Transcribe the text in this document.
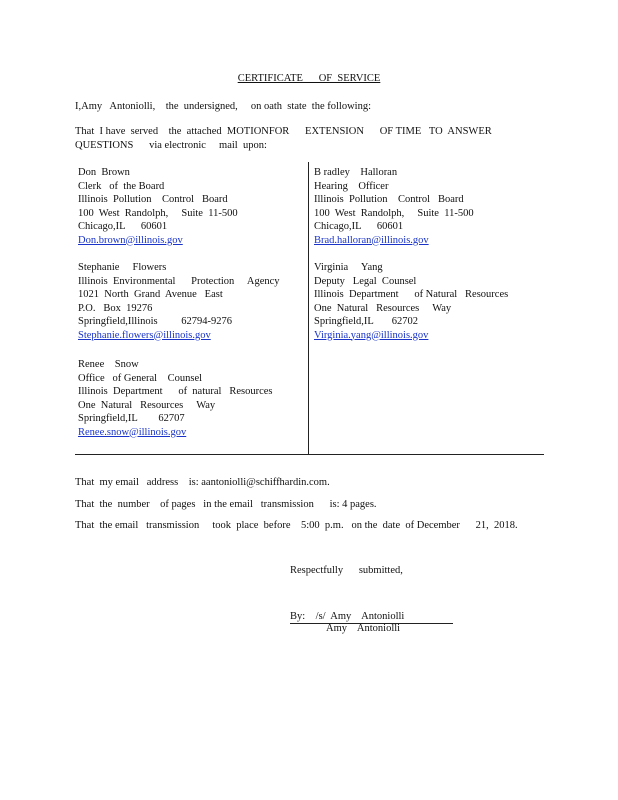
CERTIFICATE      OF  SERVICE
I,Amy   Antoniolli,    the  undersigned,     on oath  state  the following:
That  I have  served    the  attached  MOTIONFOR      EXTENSION      OF TIME   TO  ANSWER
QUESTIONS      via electronic     mail  upon:
Don  Brown
Clerk   of  the Board
Illinois  Pollution    Control   Board
100  West  Randolph,     Suite  11-500
Chicago,IL      60601
Don.brown@illinois.gov
Stephanie     Flowers
Illinois  Environmental      Protection     Agency
1021  North  Grand  Avenue   East
P.O.   Box  19276
Springfield,Illinois         62794-9276
Stephanie.flowers@illinois.gov
Renee    Snow
Office   of General    Counsel
Illinois  Department      of  natural   Resources
One  Natural   Resources     Way
Springfield,IL        62707
Renee.snow@illinois.gov
B radley    Halloran
Hearing    Officer
Illinois  Pollution    Control   Board
100  West  Randolph,     Suite  11-500
Chicago,IL      60601
Brad.halloran@illinois.gov
Virginia     Yang
Deputy   Legal  Counsel
Illinois  Department      of Natural   Resources
One  Natural   Resources     Way
Springfield,IL       62702
Virginia.yang@illinois.gov
That  my email   address    is: aantoniolli@schiffhardin.com.
That  the  number    of pages   in the email   transmission      is: 4 pages.
That  the email   transmission     took  place  before    5:00  p.m.   on the  date  of December      21,  2018.
Respectfully      submitted,
By:    /s/  Amy    Antoniolli
Amy    Antoniolli
